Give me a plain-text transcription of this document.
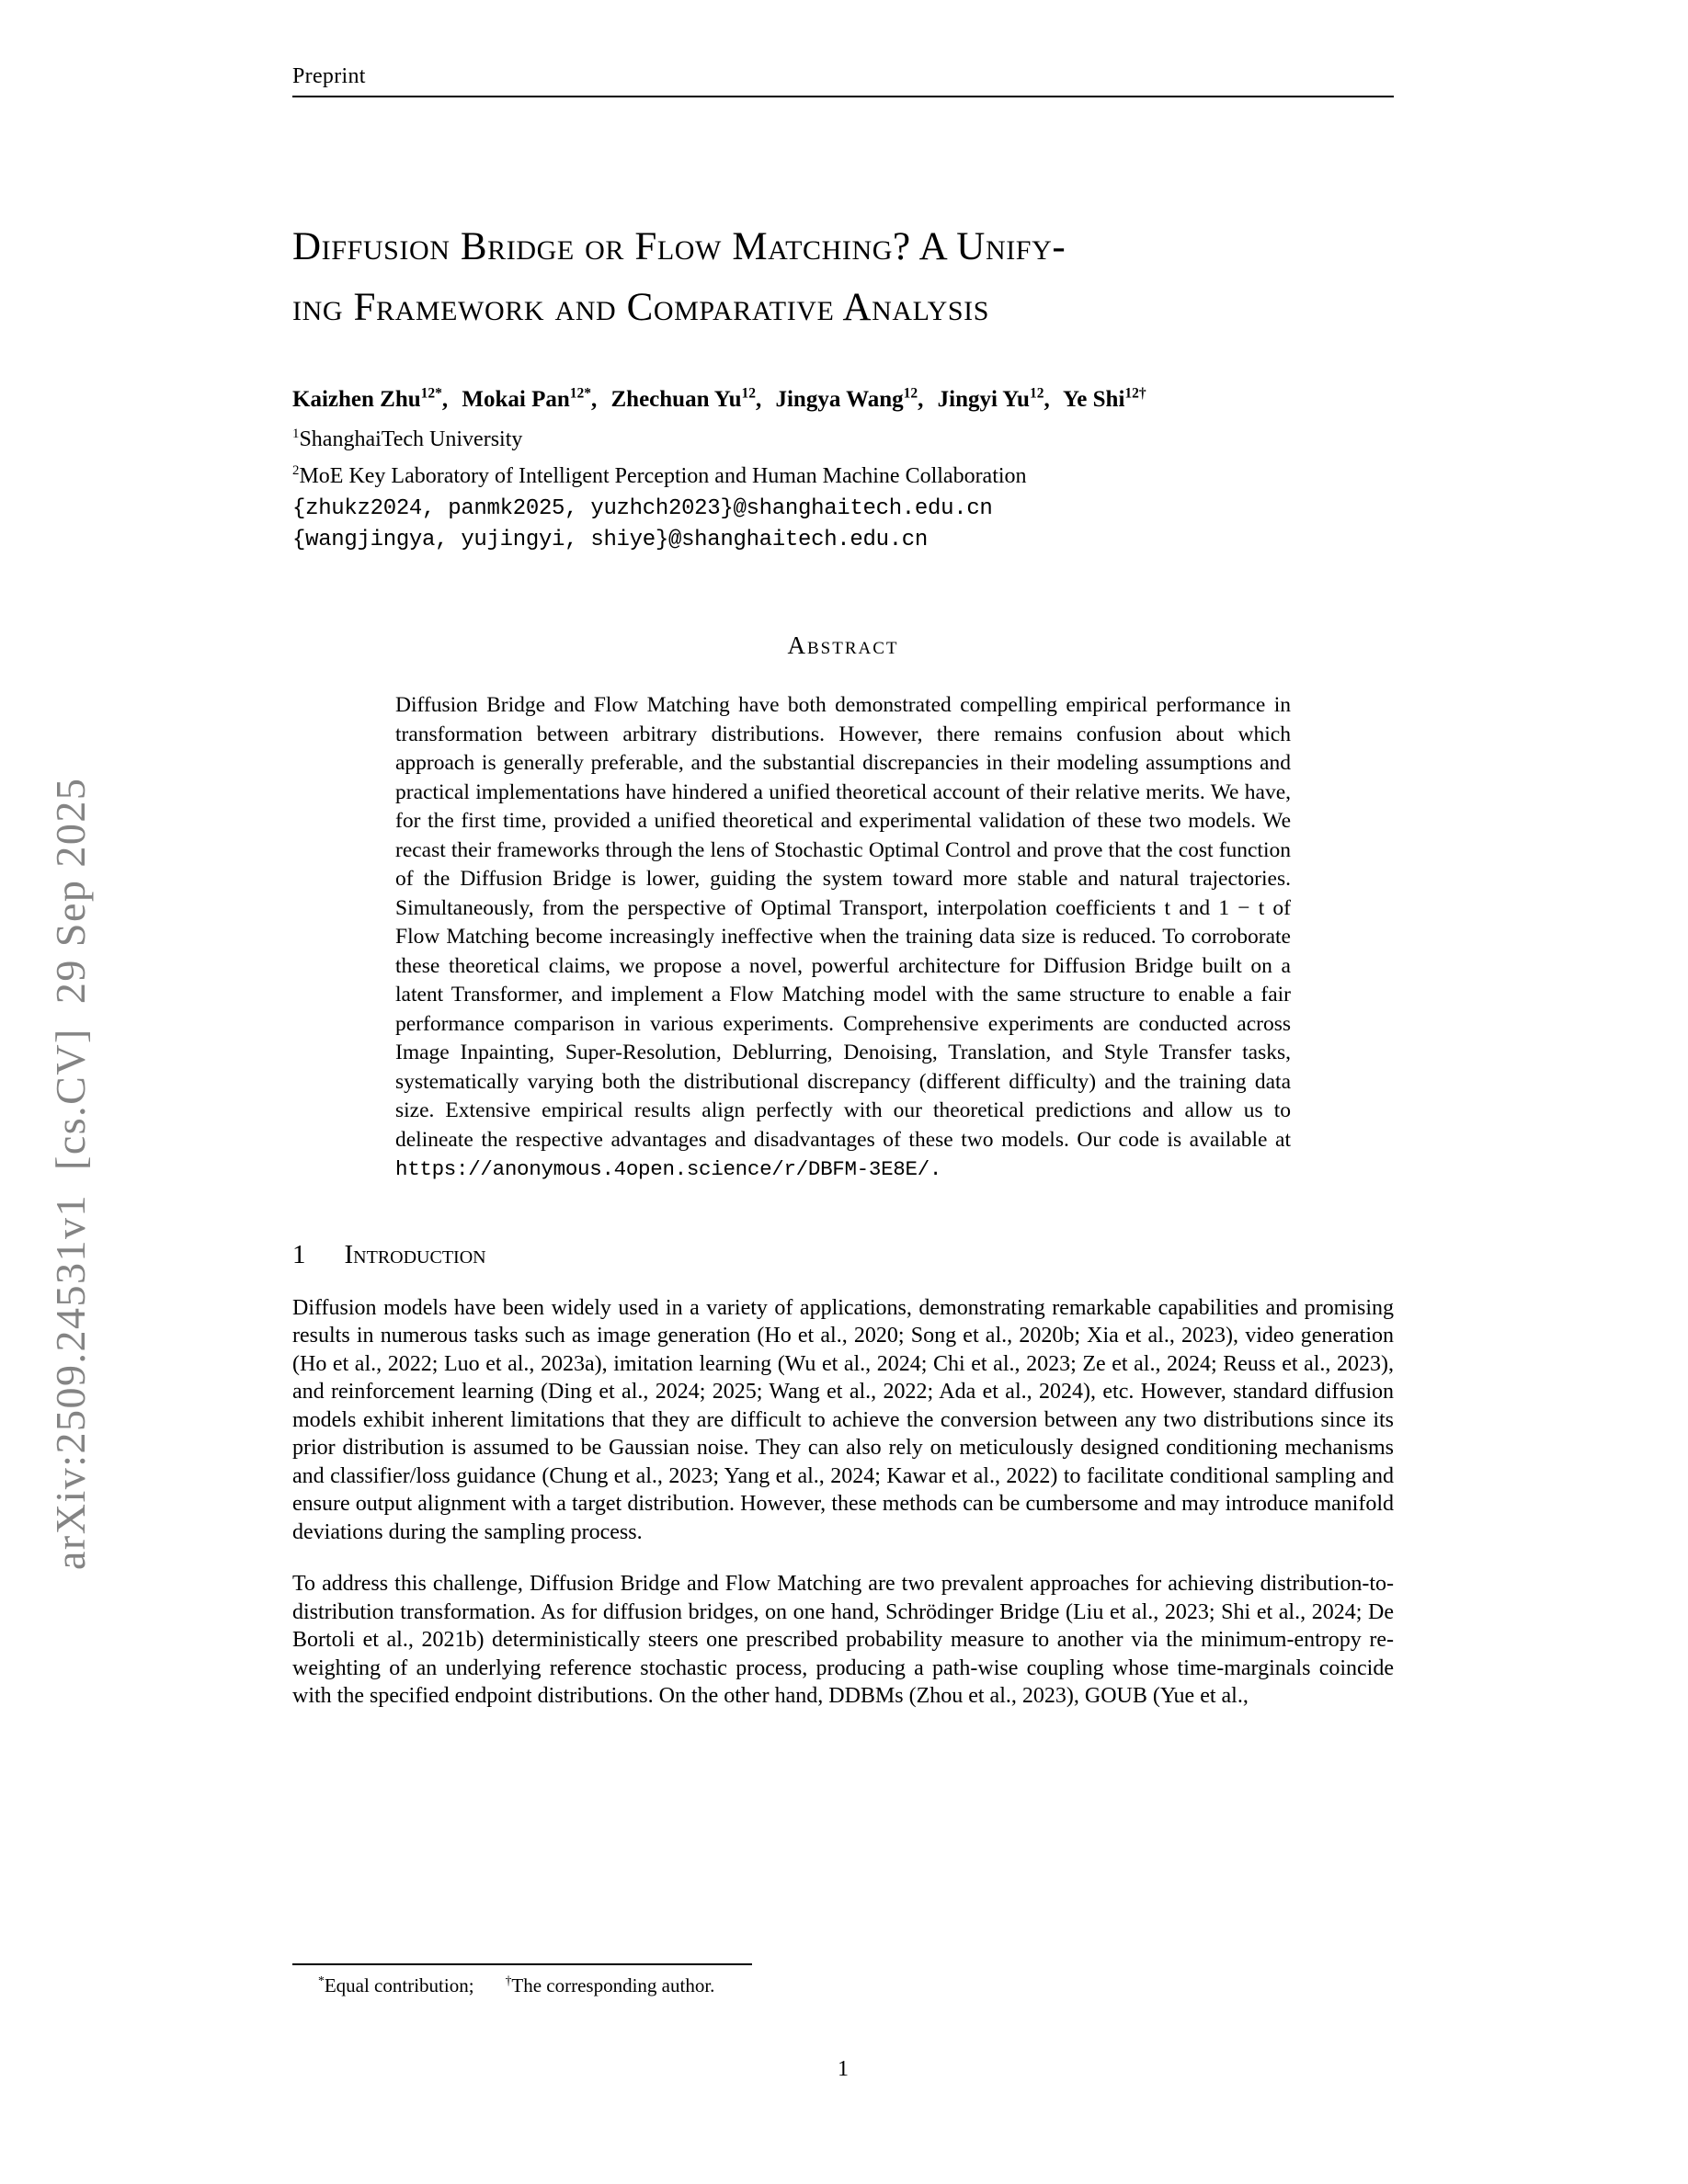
arXiv:2509.24531v1  [cs.CV]  29 Sep 2025
Preprint
Diffusion Bridge or Flow Matching? A Unify-
ing Framework and Comparative Analysis
Kaizhen Zhu$^{12*}$, Mokai Pan$^{12*}$, Zhechuan Yu$^{12}$, Jingya Wang$^{12}$, Jingyi Yu$^{12}$, Ye Shi$^{12\dagger}$
$^1$ShanghaiTech University
$^2$MoE Key Laboratory of Intelligent Perception and Human Machine Collaboration
{zhukz2024, panmk2025, yuzhch2023}@shanghaitech.edu.cn
{wangjingya, yujingyi, shiye}@shanghaitech.edu.cn
Abstract

Diffusion Bridge and Flow Matching have both demonstrated compelling empirical performance in transformation between arbitrary distributions. However, there remains confusion about which approach is generally preferable, and the substantial discrepancies in their modeling assumptions and practical implementations have hindered a unified theoretical account of their relative merits. We have, for the first time, provided a unified theoretical and experimental validation of these two models. We recast their frameworks through the lens of Stochastic Optimal Control and prove that the cost function of the Diffusion Bridge is lower, guiding the system toward more stable and natural trajectories. Simultaneously, from the perspective of Optimal Transport, interpolation coefficients t and 1 − t of Flow Matching become increasingly ineffective when the training data size is reduced. To corroborate these theoretical claims, we propose a novel, powerful architecture for Diffusion Bridge built on a latent Transformer, and implement a Flow Matching model with the same structure to enable a fair performance comparison in various experiments. Comprehensive experiments are conducted across Image Inpainting, Super-Resolution, Deblurring, Denoising, Translation, and Style Transfer tasks, systematically varying both the distributional discrepancy (different difficulty) and the training data size. Extensive empirical results align perfectly with our theoretical predictions and allow us to delineate the respective advantages and disadvantages of these two models. Our code is available at https://anonymous.4open.science/r/DBFM-3E8E/.

1 Introduction

Diffusion models have been widely used in a variety of applications, demonstrating remarkable capabilities and promising results in numerous tasks such as image generation (Ho et al., 2020; Song et al., 2020b; Xia et al., 2023), video generation (Ho et al., 2022; Luo et al., 2023a), imitation learning (Wu et al., 2024; Chi et al., 2023; Ze et al., 2024; Reuss et al., 2023), and reinforcement learning (Ding et al., 2024; 2025; Wang et al., 2022; Ada et al., 2024), etc. However, standard diffusion models exhibit inherent limitations that they are difficult to achieve the conversion between any two distributions since its prior distribution is assumed to be Gaussian noise. They can also rely on meticulously designed conditioning mechanisms and classifier/loss guidance (Chung et al., 2023; Yang et al., 2024; Kawar et al., 2022) to facilitate conditional sampling and ensure output alignment with a target distribution. However, these methods can be cumbersome and may introduce manifold deviations during the sampling process.

To address this challenge, Diffusion Bridge and Flow Matching are two prevalent approaches for achieving distribution-to-distribution transformation. As for diffusion bridges, on one hand, Schrödinger Bridge (Liu et al., 2023; Shi et al., 2024; De Bortoli et al., 2021b) deterministically steers one prescribed probability measure to another via the minimum-entropy re-weighting of an underlying reference stochastic process, producing a path-wise coupling whose time-marginals coincide with the specified endpoint distributions. On the other hand, DDBMs (Zhou et al., 2023), GOUB (Yue et al.,

*Equal contribution; †The corresponding author.
1
